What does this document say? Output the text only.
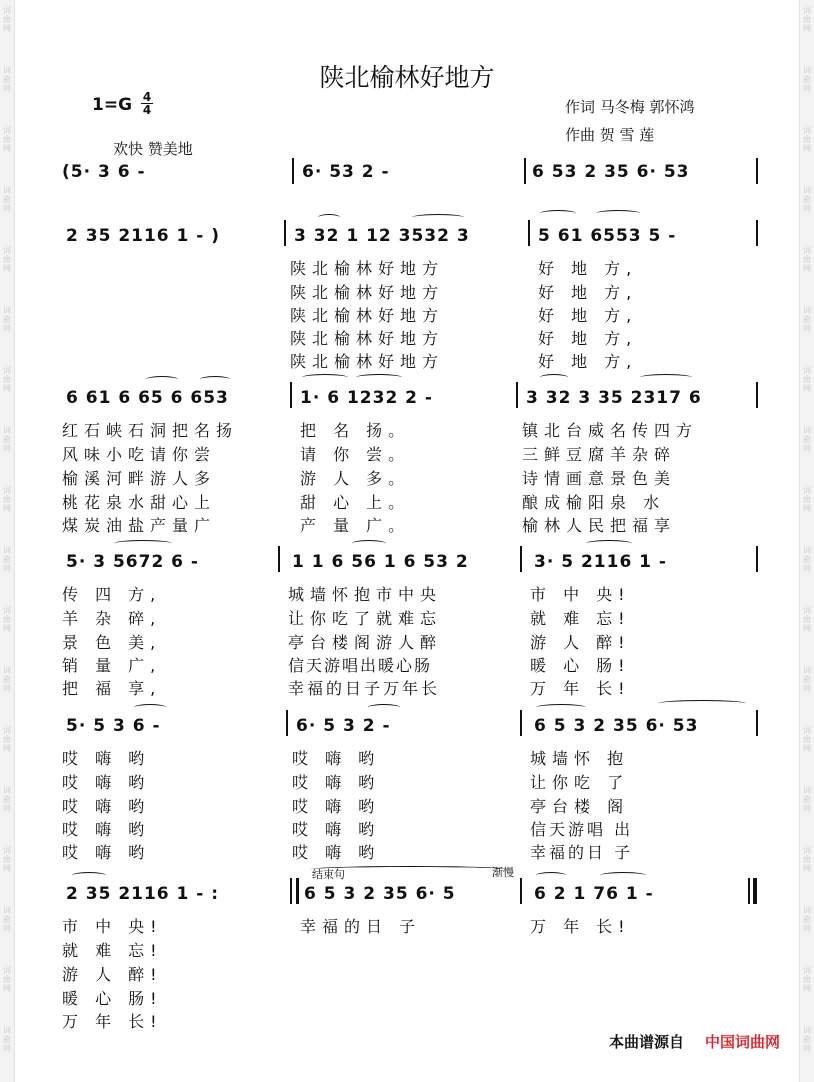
词
曲
网
词
曲
网
词
曲
网
词
曲
网
词
曲
网
词
曲
网
词
曲
网
词
曲
网
词
曲
网
词
曲
网
词
曲
网
词
曲
网
词
曲
网
词
曲
网
词
曲
网
词
曲
网
词
曲
网
词
曲
网
词
曲
网
词
曲
网
词
曲
网
词
曲
网
词
曲
网
词
曲
网
词
曲
网
词
曲
网
词
曲
网
词
曲
网
词
曲
网
词
曲
网
词
曲
网
词
曲
网
词
曲
网
词
曲
网
词
曲
网
词
曲
网
陕北榆林好地方
1=G 4
4	作词 马冬梅 郭怀鸿
作曲 贺 雪 莲
欢快 赞美地
(5· 3 6 -	6· 53 2 -	6 53 2 35 6· 53
2 35 2116 1 - )	3 32 1 12 3532 3	5 61 6553 5 -
陕北榆林好地方	好 地 方,
陕北榆林好地方	好 地 方,
陕北榆林好地方	好 地 方,
陕北榆林好地方	好 地 方,
陕北榆林好地方	好 地 方,
6 61 6 65 6 653	1· 6 1232 2 -	3 32 3 35 2317 6
红石峡石洞把名扬	把 名 扬。	镇北台威名传四方
风味小吃请你尝	请 你 尝。	三鲜豆腐羊杂碎
榆溪河畔游人多	游 人 多。	诗情画意景色美
桃花泉水甜心上	甜 心 上。	酿成榆阳泉 水
煤炭油盐产量广	产 量 广。	榆林人民把福享
5· 3 5672 6 -	1 1 6 56 1 6 53 2	3· 5 2116 1 -
传 四 方,	城墙怀抱市中央	市 中 央!
羊 杂 碎,	让你吃了就难忘	就 难 忘!
景 色 美,	亭台楼阁游人醉	游 人 醉!
销 量 广,	信天游唱出暖心肠	暖 心 肠!
把 福 享,	幸福的日子万年长	万 年 长!
5· 5 3 6 -	6· 5 3 2 -	6 5 3 2 35 6· 53
哎 嗨 哟	哎 嗨 哟	城墙怀 抱
哎 嗨 哟	哎 嗨 哟	让你吃 了
哎 嗨 哟	哎 嗨 哟	亭台楼 阁
哎 嗨 哟	哎 嗨 哟	信天游唱 出
哎 嗨 哟	哎 嗨 哟	幸福的日 子
结束句	渐慢
2 35 2116 1 - :	6 5 3 2 35 6· 5	6 2 1 76 1 -
市 中 央!	幸福的日 子	万 年 长!
就 难 忘!
游 人 醉!
暖 心 肠!
万 年 长!
本曲谱源自 中国词曲网
